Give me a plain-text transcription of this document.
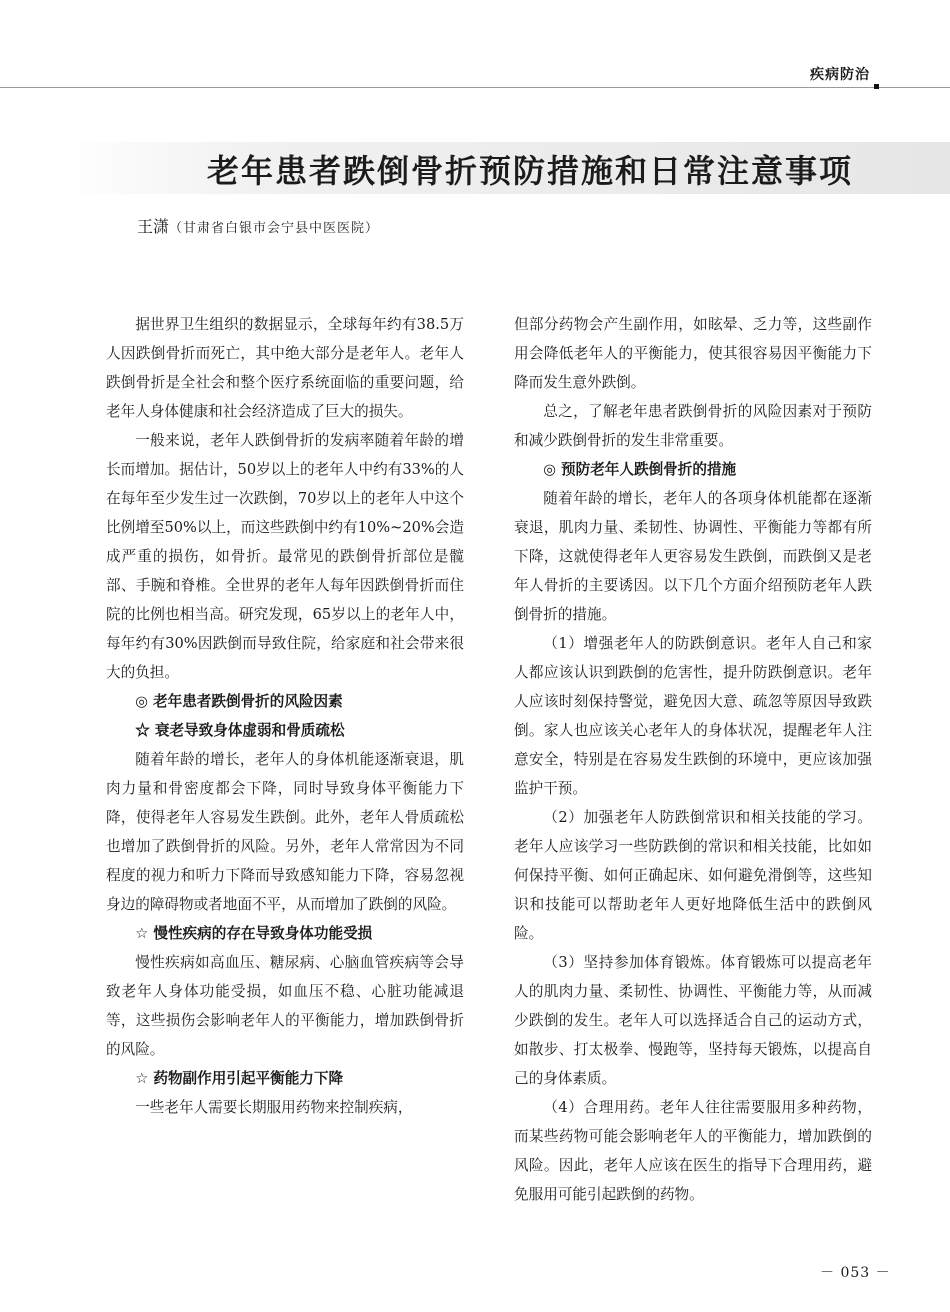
疾病防治
老年患者跌倒骨折预防措施和日常注意事项
王潇（甘肃省白银市会宁县中医医院）

据世界卫生组织的数据显示，全球每年约有38.5万人因跌倒骨折而死亡，其中绝大部分是老年人。老年人跌倒骨折是全社会和整个医疗系统面临的重要问题，给老年人身体健康和社会经济造成了巨大的损失。

一般来说，老年人跌倒骨折的发病率随着年龄的增长而增加。据估计，50岁以上的老年人中约有33%的人在每年至少发生过一次跌倒，70岁以上的老年人中这个比例增至50%以上，而这些跌倒中约有10%~20%会造成严重的损伤，如骨折。最常见的跌倒骨折部位是髋部、手腕和脊椎。全世界的老年人每年因跌倒骨折而住院的比例也相当高。研究发现，65岁以上的老年人中，每年约有30%因跌倒而导致住院，给家庭和社会带来很大的负担。

◎ 老年患者跌倒骨折的风险因素
☆ 衰老导致身体虚弱和骨质疏松

随着年龄的增长，老年人的身体机能逐渐衰退，肌肉力量和骨密度都会下降，同时导致身体平衡能力下降，使得老年人容易发生跌倒。此外，老年人骨质疏松也增加了跌倒骨折的风险。另外，老年人常常因为不同程度的视力和听力下降而导致感知能力下降，容易忽视身边的障碍物或者地面不平，从而增加了跌倒的风险。

☆ 慢性疾病的存在导致身体功能受损

慢性疾病如高血压、糖尿病、心脑血管疾病等会导致老年人身体功能受损，如血压不稳、心脏功能减退等，这些损伤会影响老年人的平衡能力，增加跌倒骨折的风险。

☆ 药物副作用引起平衡能力下降

一些老年人需要长期服用药物来控制疾病，

但部分药物会产生副作用，如眩晕、乏力等，这些副作用会降低老年人的平衡能力，使其很容易因平衡能力下降而发生意外跌倒。

总之，了解老年患者跌倒骨折的风险因素对于预防和减少跌倒骨折的发生非常重要。

◎ 预防老年人跌倒骨折的措施

随着年龄的增长，老年人的各项身体机能都在逐渐衰退，肌肉力量、柔韧性、协调性、平衡能力等都有所下降，这就使得老年人更容易发生跌倒，而跌倒又是老年人骨折的主要诱因。以下几个方面介绍预防老年人跌倒骨折的措施。

（1）增强老年人的防跌倒意识。老年人自己和家人都应该认识到跌倒的危害性，提升防跌倒意识。老年人应该时刻保持警觉，避免因大意、疏忽等原因导致跌倒。家人也应该关心老年人的身体状况，提醒老年人注意安全，特别是在容易发生跌倒的环境中，更应该加强监护干预。

（2）加强老年人防跌倒常识和相关技能的学习。老年人应该学习一些防跌倒的常识和相关技能，比如如何保持平衡、如何正确起床、如何避免滑倒等，这些知识和技能可以帮助老年人更好地降低生活中的跌倒风险。

（3）坚持参加体育锻炼。体育锻炼可以提高老年人的肌肉力量、柔韧性、协调性、平衡能力等，从而减少跌倒的发生。老年人可以选择适合自己的运动方式，如散步、打太极拳、慢跑等，坚持每天锻炼，以提高自己的身体素质。

（4）合理用药。老年人往往需要服用多种药物，而某些药物可能会影响老年人的平衡能力，增加跌倒的风险。因此，老年人应该在医生的指导下合理用药，避免服用可能引起跌倒的药物。

－ 053 －
